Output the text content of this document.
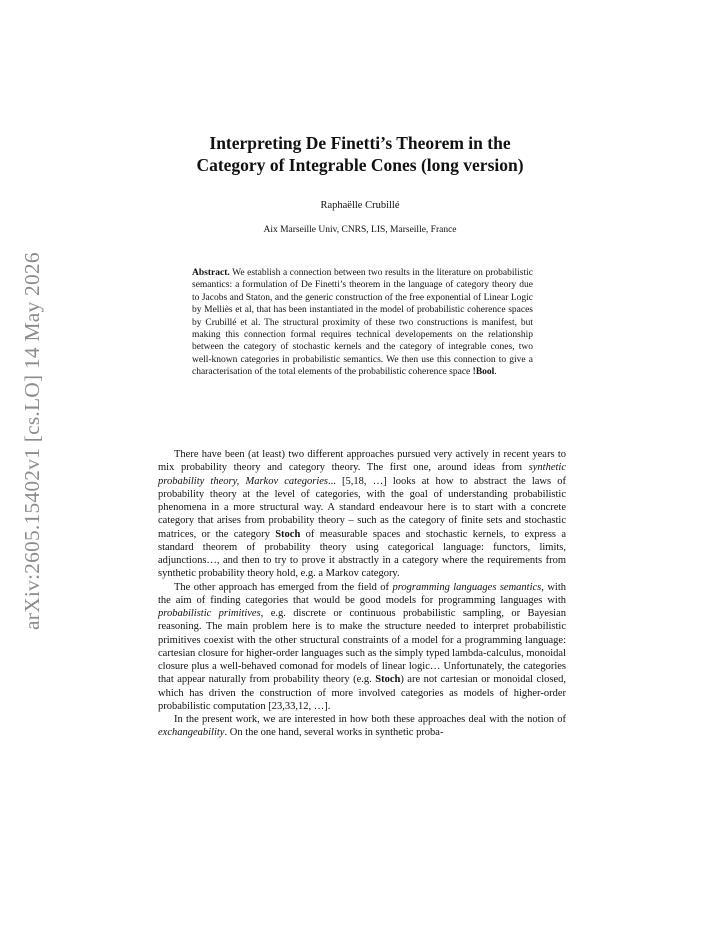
arXiv:2605.15402v1 [cs.LO] 14 May 2026
Interpreting De Finetti’s Theorem in the
Category of Integrable Cones (long version)
Raphaëlle Crubillé
Aix Marseille Univ, CNRS, LIS, Marseille, France
Abstract. We establish a connection between two results in the literature on probabilistic semantics: a formulation of De Finetti’s theorem in the language of category theory due to Jacobs and Staton, and the generic construction of the free exponential of Linear Logic by Melliès et al, that has been instantiated in the model of probabilistic coherence spaces by Crubillé et al. The structural proximity of these two constructions is manifest, but making this connection formal requires technical developements on the relationship between the category of stochastic kernels and the category of integrable cones, two well-known categories in probabilistic semantics. We then use this connection to give a characterisation of the total elements of the probabilistic coherence space !Bool.

There have been (at least) two different approaches pursued very actively in recent years to mix probability theory and category theory. The first one, around ideas from synthetic probability theory, Markov categories... [5,18, …] looks at how to abstract the laws of probability theory at the level of categories, with the goal of understanding probabilistic phenomena in a more structural way. A standard endeavour here is to start with a concrete category that arises from probability theory – such as the category of finite sets and stochastic matrices, or the category Stoch of measurable spaces and stochastic kernels, to express a standard theorem of probability theory using categorical language: functors, limits, adjunctions…, and then to try to prove it abstractly in a category where the requirements from synthetic probability theory hold, e.g. a Markov category.

The other approach has emerged from the field of programming languages semantics, with the aim of finding categories that would be good models for programming languages with probabilistic primitives, e.g. discrete or continuous probabilistic sampling, or Bayesian reasoning. The main problem here is to make the structure needed to interpret probabilistic primitives coexist with the other structural constraints of a model for a programming language: cartesian closure for higher-order languages such as the simply typed lambda-calculus, monoidal closure plus a well-behaved comonad for models of linear logic… Unfortunately, the categories that appear naturally from probability theory (e.g. Stoch) are not cartesian or monoidal closed, which has driven the construction of more involved categories as models of higher-order probabilistic computation [23,33,12, …].

In the present work, we are interested in how both these approaches deal with the notion of exchangeability. On the one hand, several works in synthetic proba-
